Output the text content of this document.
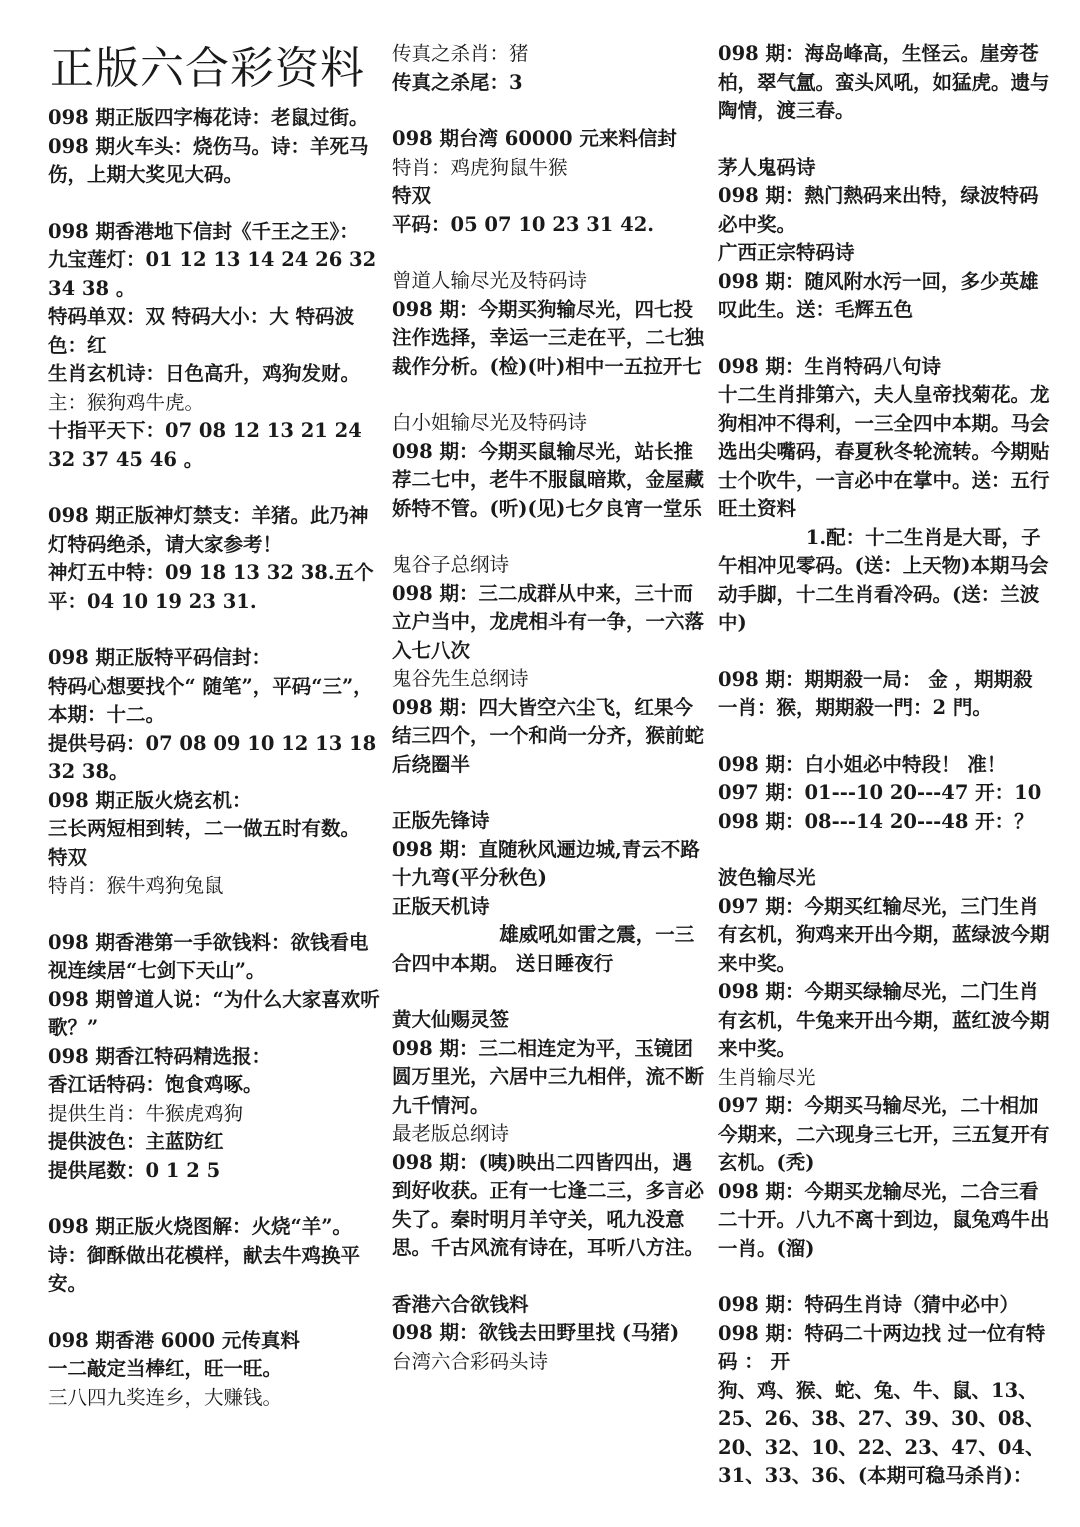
正版六合彩资料

098 期正版四字梅花诗：老鼠过街。

098 期火车头：烧伤马。诗：羊死马伤，上期大奖见大码。

098 期香港地下信封《千王之王》：

九宝莲灯：01 12 13 14 24 26 32 34 38 。

特码单双：双 特码大小：大 特码波色：红

生肖玄机诗：日色高升，鸡狗发财。

主：猴狗鸡牛虎。

十指平天下：07 08 12 13 21 24 32 37 45 46 。

098 期正版神灯禁支：羊猪。此乃神灯特码绝杀，请大家参考！

神灯五中特：09 18 13 32 38.五个平：04 10 19 23 31.

098 期正版特平码信封：

特码心想要找个“ 随笔”，平码“三”，本期：十二。

提供号码：07 08 09 10 12 13 18 32 38。

098 期正版火烧玄机：

三长两短相到转，二一做五时有数。

特双

特肖：猴牛鸡狗兔鼠

098 期香港第一手欲钱料：欲钱看电视连续居“七剑下天山”。

098 期曾道人说：“为什么大家喜欢听歌？”

098 期香江特码精选报：

香江话特码：饱食鸡啄。

提供生肖：牛猴虎鸡狗

提供波色：主蓝防红

提供尾数：0 1 2 5

098 期正版火烧图解：火烧“羊”。诗：御酥做出花模样，献去牛鸡换平安。

098 期香港 6000 元传真料

一二敲定当棒红，旺一旺。

三八四九奖连乡，大赚钱。

传真之杀肖：猪

传真之杀尾：3

098 期台湾 60000 元来料信封

特肖：鸡虎狗鼠牛猴

特双

平码：05 07 10 23 31 42.

曾道人输尽光及特码诗

098 期：今期买狗输尽光，四七投注作选择，幸运一三走在平，二七独裁作分析。(检)(叶)相中一五拉开七

白小姐输尽光及特码诗

098 期：今期买鼠输尽光，站长推荐二七中，老牛不服鼠暗欺，金屋藏娇特不管。(听)(见)七夕良宵一堂乐

鬼谷子总纲诗

098 期：三二成群从中来，三十而立户当中，龙虎相斗有一争，一六落入七八次

鬼谷先生总纲诗

098 期：四大皆空六尘飞，红果今结三四个，一个和尚一分齐，猴前蛇后绕圈半

正版先锋诗

098 期：直随秋风逦边城,青云不路十九弯(平分秋色)

正版天机诗

雄威吼如雷之震，一三合四中本期。 送日睡夜行

黄大仙赐灵签

098 期：三二相连定为平，玉镜团圆万里光，六居中三九相伴，流不断九千情河。

最老版总纲诗

098 期：(咦)映出二四皆四出，遇到好收获。正有一七逢二三，多言必失了。秦时明月羊守关，吼九没意思。千古风流有诗在，耳听八方注。

香港六合欲钱料

098 期：欲钱去田野里找 (马猪)

台湾六合彩码头诗

098 期：海岛峰高，生怪云。崖旁苍柏，翠气氲。蛮头风吼，如猛虎。遗与陶情，渡三春。

茅人鬼码诗

098 期：熱门熱码来出特，绿波特码必中奖。

广西正宗特码诗

098 期：随风附水污一回，多少英雄叹此生。送：毛辉五色

098 期：生肖特码八句诗

十二生肖排第六，夫人皇帝找菊花。龙狗相冲不得利，一三全四中本期。马会选出尖嘴码，春夏秋冬轮流转。今期贴士个吹牛，一言必中在掌中。送：五行旺土资料

1.配：十二生肖是大哥，子午相冲见零码。(送：上天物)本期马会动手脚，十二生肖看冷码。(送：兰波中)

098 期：期期殺一局： 金 ，期期殺一肖：猴，期期殺一門：2 門。

098 期：白小姐必中特段！ 准！

097 期：01---10 20---47 开：10

098 期：08---14 20---48 开：？

波色输尽光

097 期：今期买红输尽光，三门生肖有玄机，狗鸡来开出今期，蓝绿波今期来中奖。

098 期：今期买绿输尽光，二门生肖有玄机，牛兔来开出今期，蓝红波今期来中奖。

生肖输尽光

097 期：今期买马输尽光，二十相加今期来，二六现身三七开，三五复开有玄机。(秃)

098 期：今期买龙输尽光，二合三看二十开。八九不离十到边，鼠兔鸡牛出一肖。(溜)

098 期：特码生肖诗（猜中必中）

098 期：特码二十两边找 过一位有特码 ： 开

狗、鸡、猴、蛇、兔、牛、鼠、13、25、26、38、27、39、30、08、20、32、10、22、23、47、04、31、33、36、(本期可稳马杀肖)：
